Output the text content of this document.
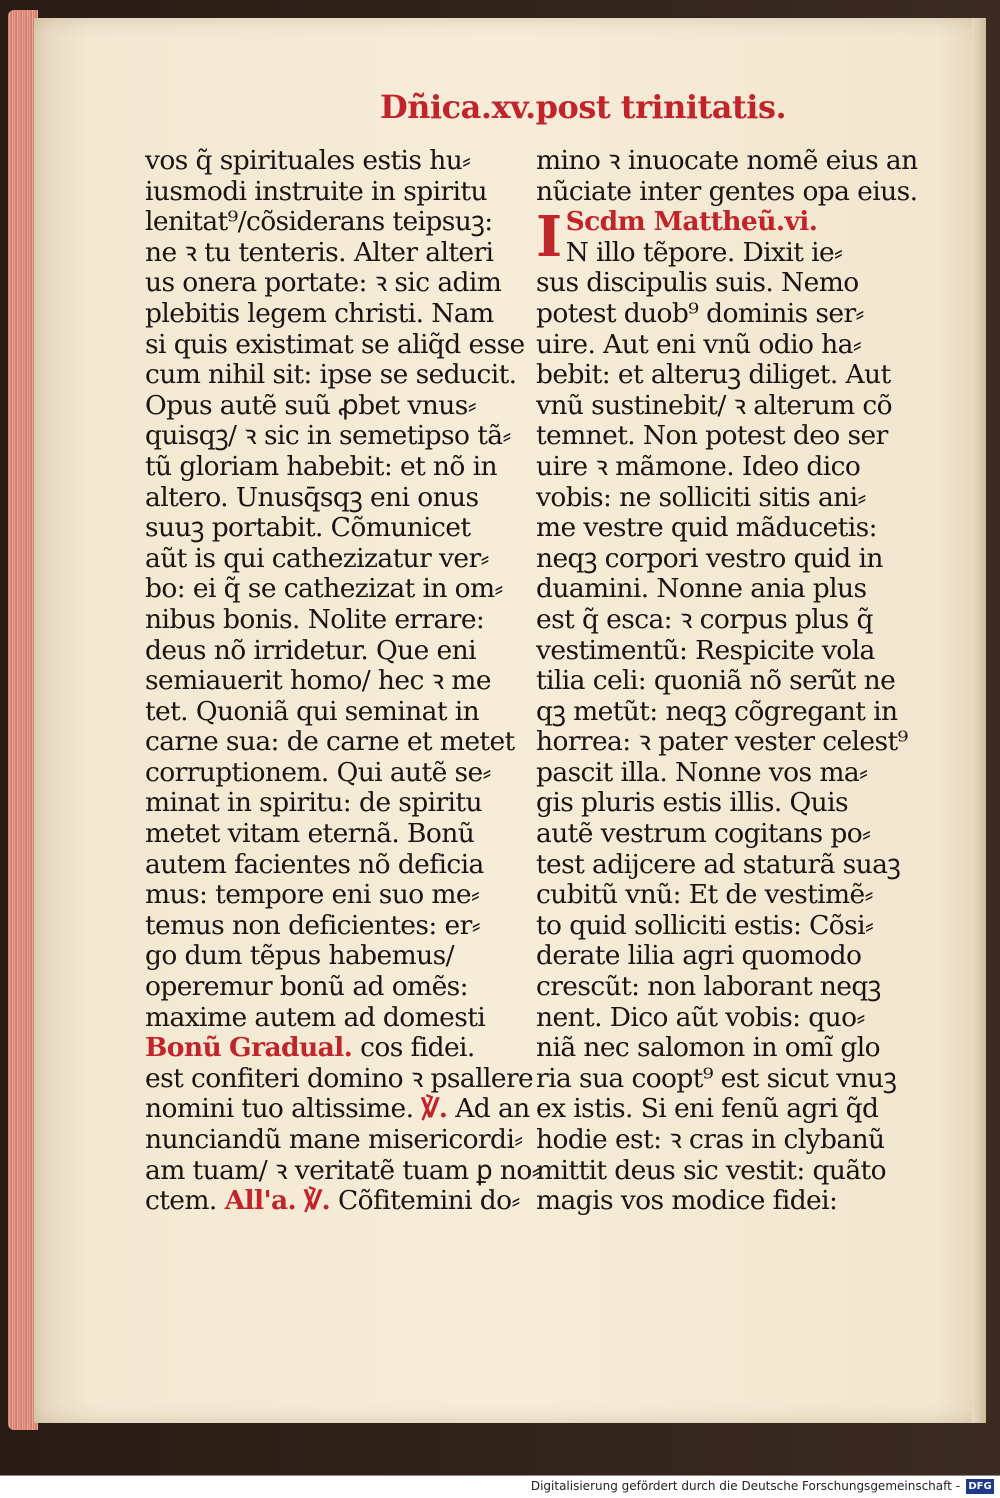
Dñica.xv.post trinitatis.
vos q̃ spirituales estis hu⸗
iusmodi instruite in spiritu
lenitat⁹/cõsiderans teipsuꝫ:
ne ꝛ tu tenteris. Alter alteri
us onera portate: ꝛ sic adim
plebitis legem christi. Nam
si quis existimat se aliq̃d esse
cum nihil sit: ipse se seducit.
Opus autẽ suũ ꝓbet vnus⸗
quisqꝫ/ ꝛ sic in semetipso tã⸗
tũ gloriam habebit: et nõ in
altero. Unusq̄sqꝫ eni onus
suuꝫ portabit. Cõmunicet
aũt is qui cathezizatur ver⸗
bo: ei q̃ se cathezizat in om⸗
nibus bonis. Nolite errare:
deus nõ irridetur. Que eni
semiauerit homo/ hec ꝛ me
tet. Quoniã qui seminat in
carne sua: de carne et metet
corruptionem. Qui autẽ se⸗
minat in spiritu: de spiritu
metet vitam eternã. Bonũ
autem facientes nõ deficia
mus: tempore eni suo me⸗
temus non deficientes: er⸗
go dum tẽpus habemus/
operemur bonũ ad omẽs:
maxime autem ad domesti
Bonũ Gradual. cos fidei.
est confiteri domino ꝛ psallere
nomini tuo altissime. ℣. Ad an
nunciandũ mane misericordi⸗
am tuam/ ꝛ veritatẽ tuam ꝑ no⸗
ctem. All'a. ℣. Cõfitemini do⸗
mino ꝛ inuocate nomẽ eius an
nũciate inter gentes opa eius.
I Scdm Mattheũ.vi.
N illo tẽpore. Dixit ie⸗
sus discipulis suis. Nemo
potest duob⁹ dominis ser⸗
uire. Aut eni vnũ odio ha⸗
bebit: et alteruꝫ diliget. Aut
vnũ sustinebit/ ꝛ alterum cõ
temnet. Non potest deo ser
uire ꝛ mãmone. Ideo dico
vobis: ne solliciti sitis ani⸗
me vestre quid mãducetis:
neqꝫ corpori vestro quid in
duamini. Nonne ania plus
est q̃ esca: ꝛ corpus plus q̃
vestimentũ: Respicite vola
tilia celi: quoniã nõ serũt ne
qꝫ metũt: neqꝫ cõgregant in
horrea: ꝛ pater vester celest⁹
pascit illa. Nonne vos ma⸗
gis pluris estis illis. Quis
autẽ vestrum cogitans po⸗
test adijcere ad staturã suaꝫ
cubitũ vnũ: Et de vestimẽ⸗
to quid solliciti estis: Cõsi⸗
derate lilia agri quomodo
crescũt: non laborant neqꝫ
nent. Dico aũt vobis: quo⸗
niã nec salomon in omĩ glo
ria sua coopt⁹ est sicut vnuꝫ
ex istis. Si eni fenũ agri q̃d
hodie est: ꝛ cras in clybanũ
mittit deus sic vestit: quãto
magis vos modice fidei:
Digitalisierung gefördert durch die Deutsche Forschungsgemeinschaft - DFG
